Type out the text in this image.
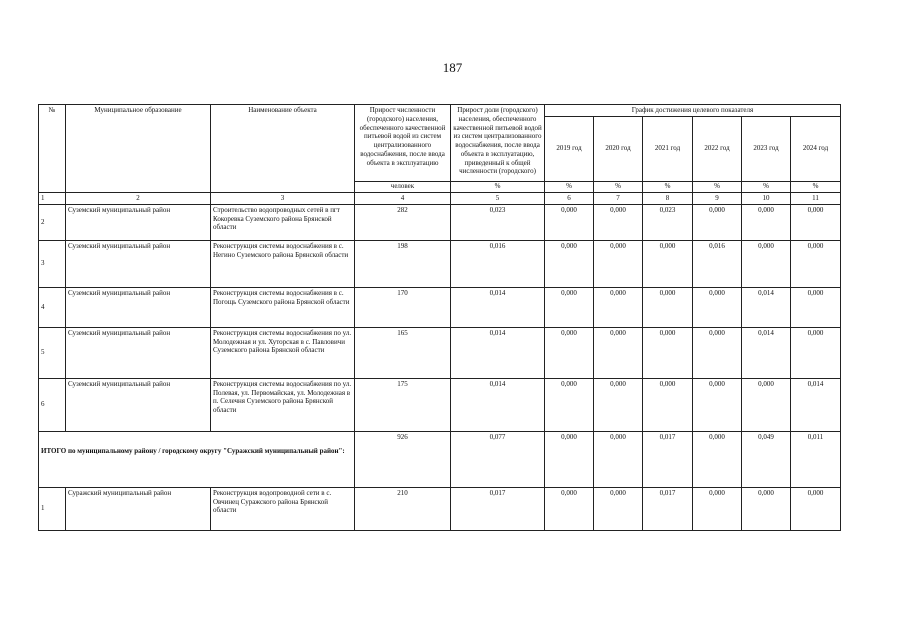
187
№	Муниципальное образование	Наименование объекта	Прирост численности (городского) населения, обеспеченного качественной питьевой водой из систем централизованного водоснабжения, после ввода объекта в эксплуатацию	Прирост доли (городского) населения, обеспеченного качественной питьевой водой из систем централизованного водоснабжения, после ввода объекта в эксплуатацию, приведенный к общей численности (городского)	График достижения целевого показателя					
					2019 год	2020 год	2021 год	2022 год	2023 год	2024 год
			человек	%	%	%	%	%	%	%
1	2	3	4	5	6	7	8	9	10	11
2	Суземский муниципальный район	Строительство водопроводных сетей в пгт Кокоревка Суземского района Брянской области	282	0,023	0,000	0,000	0,023	0,000	0,000	0,000
3	Суземский муниципальный район	Реконструкция системы водоснабжения в с. Негино Суземского района Брянской области	198	0,016	0,000	0,000	0,000	0,016	0,000	0,000
4	Суземский муниципальный район	Реконструкция системы водоснабжения в с. Погощь Суземского района Брянской области	170	0,014	0,000	0,000	0,000	0,000	0,014	0,000
5	Суземский муниципальный район	Реконструкция системы водоснабжения по ул. Молодежная и ул. Хуторская в с. Павловичи Суземского района Брянской области	165	0,014	0,000	0,000	0,000	0,000	0,014	0,000
6	Суземский муниципальный район	Реконструкция системы водоснабжения по ул. Полевая, ул. Первомайская, ул. Молодежная в п. Селечня Суземского района Брянской области	175	0,014	0,000	0,000	0,000	0,000	0,000	0,014

ИТОГО по муниципальному району / городскому округу "Суражский муниципальный район":			926	0,077	0,000	0,000	0,017	0,000	0,049	0,011
1	Суражский муниципальный район	Реконструкция водопроводной сети в с. Овчинец Суражского района Брянской области	210	0,017	0,000	0,000	0,017	0,000	0,000	0,000
